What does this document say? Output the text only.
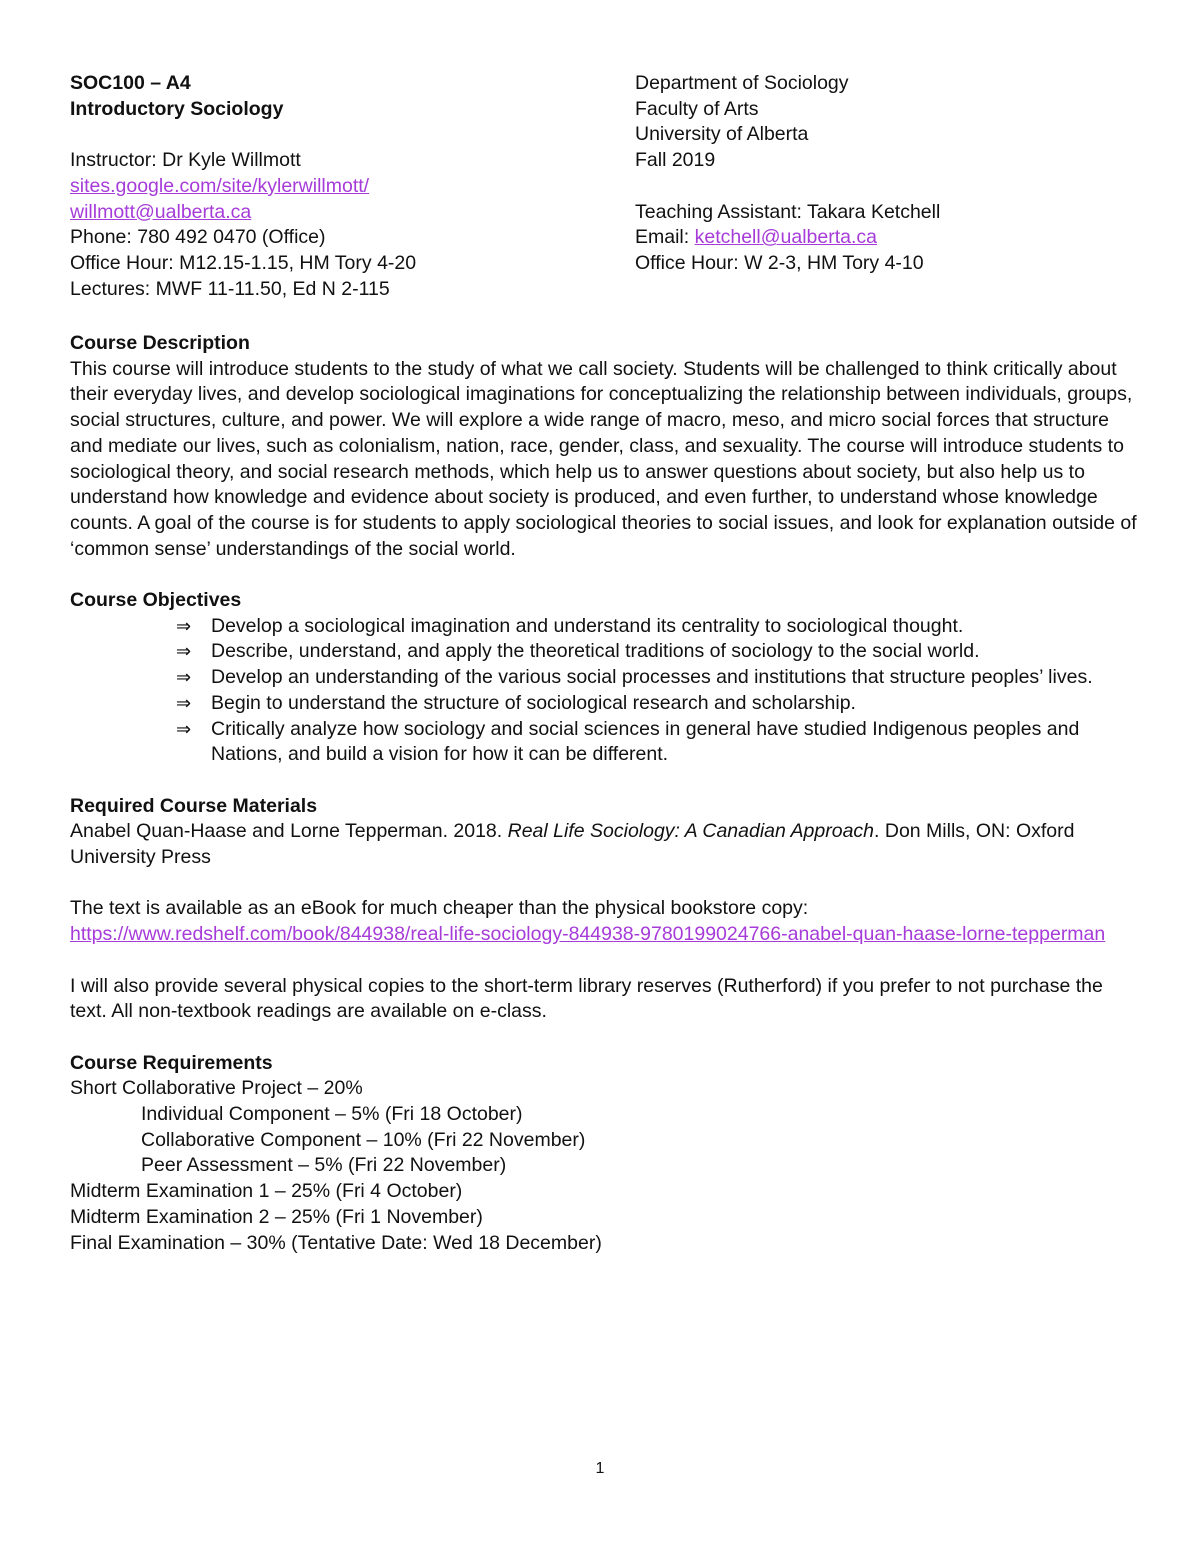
SOC100 – A4
Introductory Sociology
Instructor: Dr Kyle Willmott
sites.google.com/site/kylerwillmott/
willmott@ualberta.ca
Phone: 780 492 0470 (Office)
Office Hour: M12.15-1.15, HM Tory 4-20
Lectures: MWF 11-11.50, Ed N 2-115
Department of Sociology
Faculty of Arts
University of Alberta
Fall 2019
Teaching Assistant: Takara Ketchell
Email: ketchell@ualberta.ca
Office Hour: W 2-3, HM Tory 4-10
Course Description

This course will introduce students to the study of what we call society. Students will be challenged to think critically about their everyday lives, and develop sociological imaginations for conceptualizing the relationship between individuals, groups, social structures, culture, and power. We will explore a wide range of macro, meso, and micro social forces that structure and mediate our lives, such as colonialism, nation, race, gender, class, and sexuality. The course will introduce students to sociological theory, and social research methods, which help us to answer questions about society, but also help us to understand how knowledge and evidence about society is produced, and even further, to understand whose knowledge counts. A goal of the course is for students to apply sociological theories to social issues, and look for explanation outside of ‘common sense’ understandings of the social world.

Course Objectives
⇒ Develop a sociological imagination and understand its centrality to sociological thought.
⇒ Describe, understand, and apply the theoretical traditions of sociology to the social world.
⇒ Develop an understanding of the various social processes and institutions that structure peoples’ lives.
⇒ Begin to understand the structure of sociological research and scholarship.
⇒ Critically analyze how sociology and social sciences in general have studied Indigenous peoples and Nations, and build a vision for how it can be different.
Required Course Materials

Anabel Quan-Haase and Lorne Tepperman. 2018. Real Life Sociology: A Canadian Approach. Don Mills, ON: Oxford University Press

The text is available as an eBook for much cheaper than the physical bookstore copy:

https://www.redshelf.com/book/844938/real-life-sociology-844938-9780199024766-anabel-quan-haase-lorne-tepperman

I will also provide several physical copies to the short-term library reserves (Rutherford) if you prefer to not purchase the text. All non-textbook readings are available on e-class.

Course Requirements
Short Collaborative Project – 20%
Individual Component – 5% (Fri 18 October)
Collaborative Component – 10% (Fri 22 November)
Peer Assessment – 5% (Fri 22 November)
Midterm Examination 1 – 25% (Fri 4 October)
Midterm Examination 2 – 25% (Fri 1 November)
Final Examination – 30% (Tentative Date: Wed 18 December)
1
